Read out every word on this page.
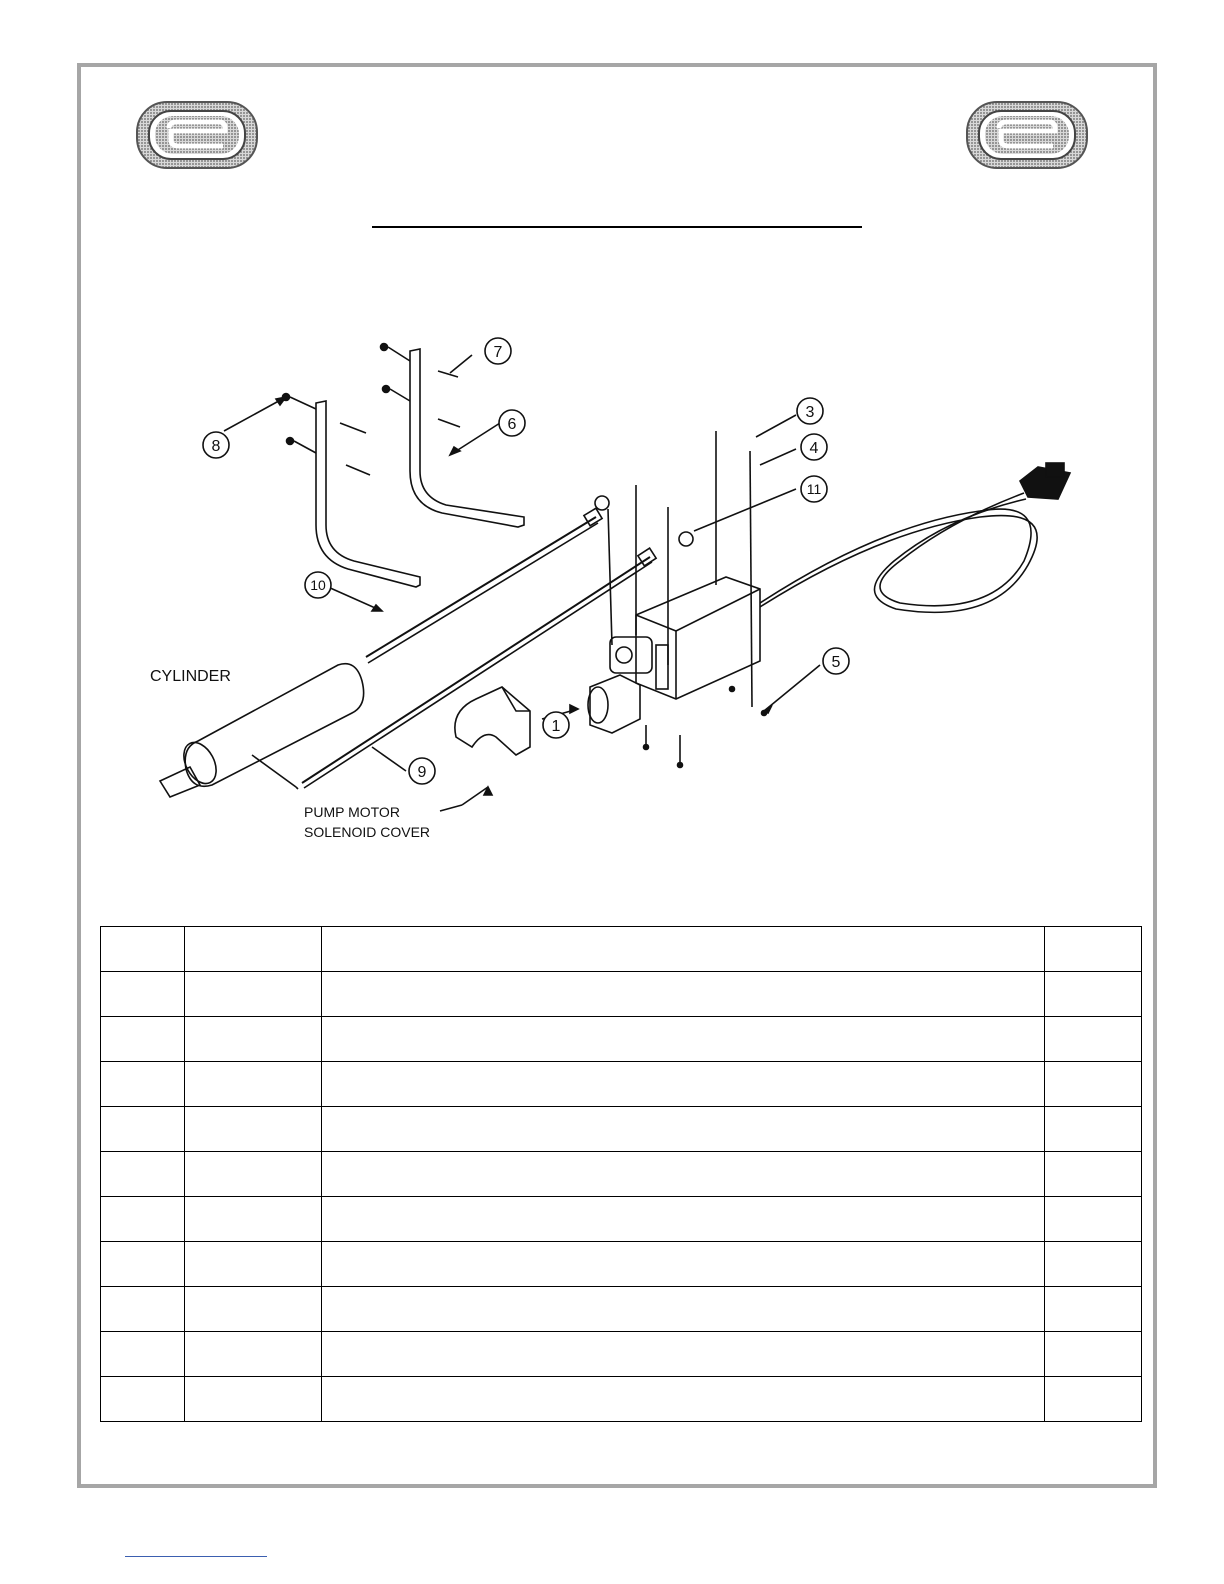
1
3
4
5
6
7
8
9
10
11
CYLINDER
PUMP MOTOR
SOLENOID COVER
